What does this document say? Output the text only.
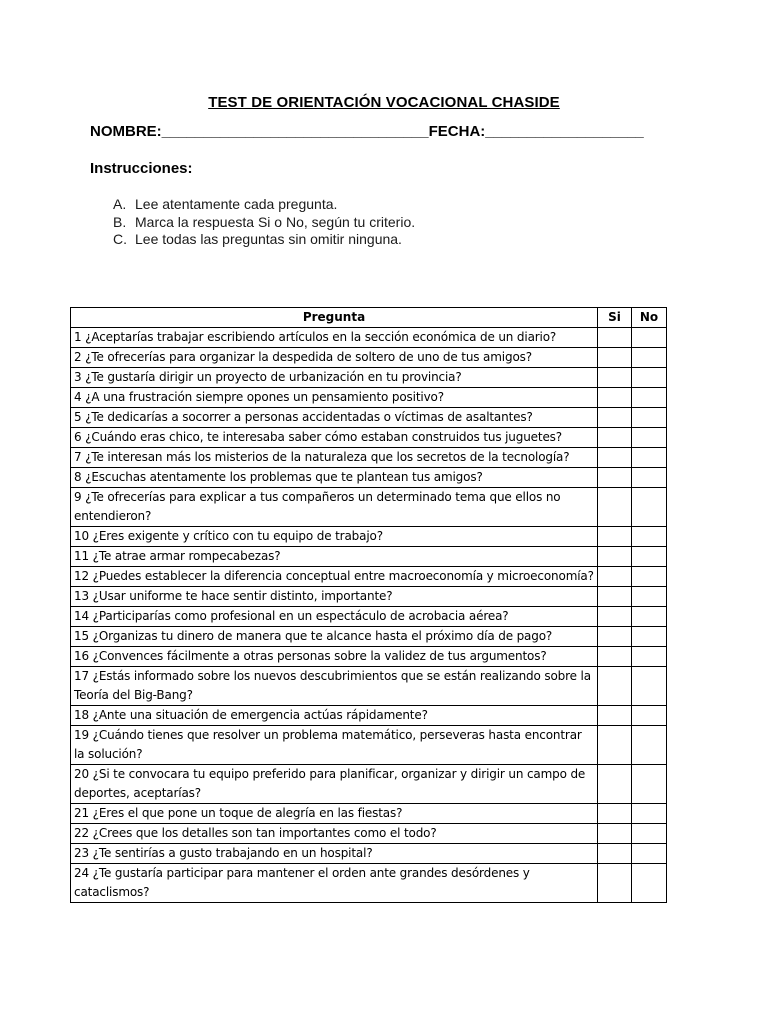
TEST DE ORIENTACIÓN VOCACIONAL CHASIDE
NOMBRE:________________________________FECHA:___________________
Instrucciones:
A. Lee atentamente cada pregunta.
B. Marca la respuesta Si o No, según tu criterio.
C. Lee todas las preguntas sin omitir ninguna.
Pregunta	Si	No
1 ¿Aceptarías trabajar escribiendo artículos en la sección económica de un diario?		
2 ¿Te ofrecerías para organizar la despedida de soltero de uno de tus amigos?		
3 ¿Te gustaría dirigir un proyecto de urbanización en tu provincia?		
4 ¿A una frustración siempre opones un pensamiento positivo?		
5 ¿Te dedicarías a socorrer a personas accidentadas o víctimas de asaltantes?		
6 ¿Cuándo eras chico, te interesaba saber cómo estaban construidos tus juguetes?		
7 ¿Te interesan más los misterios de la naturaleza que los secretos de la tecnología?		
8 ¿Escuchas atentamente los problemas que te plantean tus amigos?		
9 ¿Te ofrecerías para explicar a tus compañeros un determinado tema que ellos no entendieron?		
10 ¿Eres exigente y crítico con tu equipo de trabajo?		
11 ¿Te atrae armar rompecabezas?		
12 ¿Puedes establecer la diferencia conceptual entre macroeconomía y microeconomía?		
13 ¿Usar uniforme te hace sentir distinto, importante?		
14 ¿Participarías como profesional en un espectáculo de acrobacia aérea?		
15 ¿Organizas tu dinero de manera que te alcance hasta el próximo día de pago?		
16 ¿Convences fácilmente a otras personas sobre la validez de tus argumentos?		
17 ¿Estás informado sobre los nuevos descubrimientos que se están realizando sobre la Teoría del Big-Bang?		
18 ¿Ante una situación de emergencia actúas rápidamente?		
19 ¿Cuándo tienes que resolver un problema matemático, perseveras hasta encontrar la solución?		
20 ¿Si te convocara tu equipo preferido para planificar, organizar y dirigir un campo de deportes, aceptarías?		
21 ¿Eres el que pone un toque de alegría en las fiestas?		
22 ¿Crees que los detalles son tan importantes como el todo?		
23 ¿Te sentirías a gusto trabajando en un hospital?		
24 ¿Te gustaría participar para mantener el orden ante grandes desórdenes y cataclismos?		
